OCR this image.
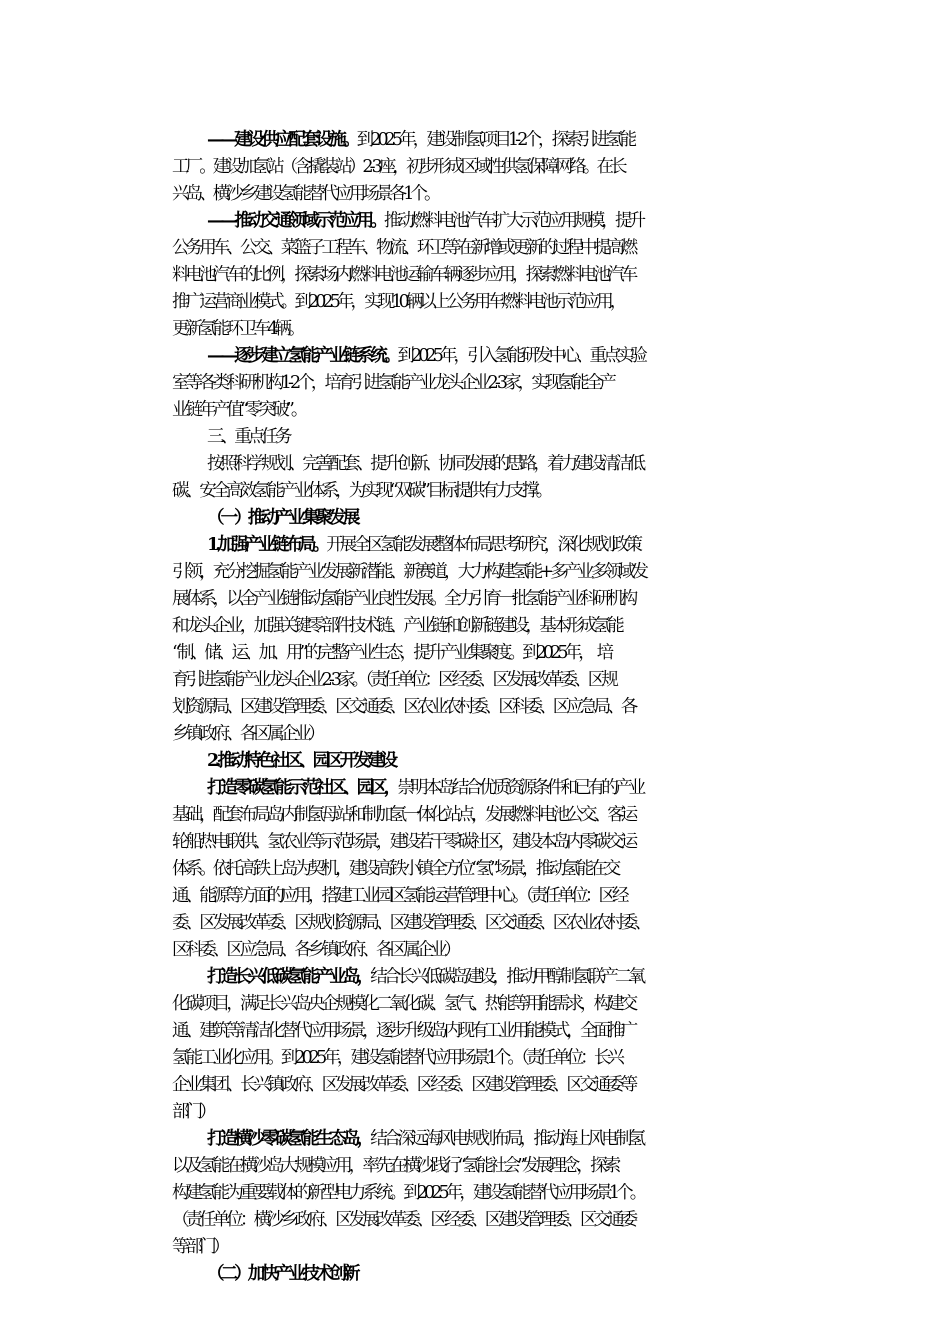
——建设供应配套设施。到2025年，建设制氢项目1-2个，探索引进氢能
工厂。建设加氢站（含撬装站）2-3座，初步形成区域性供氢保障网络。在长
兴岛、横沙乡建设氢能替代应用场景各1个。
——推动交通领域示范应用。推动燃料电池汽车扩大示范应用规模，提升
公务用车、公交、菜篮子工程车、物流、环卫等在新增或更新的过程中提高燃
料电池汽车的比例，探索场内燃料电池运输车辆逐步应用，探索燃料电池汽车
推广运营商业模式。到2025年，实现10辆以上公务用车燃料电池示范应用，
更新氢能环卫车4辆。
——逐步建立氢能产业链系统。到2025年，引入氢能研发中心、重点实验
室等各类科研机构1-2个，培育引进氢能产业龙头企业2-3家，实现氢能全产
业链年产值“零突破”。
三、重点任务
按照科学规划、完善配套、提升创新、协同发展的思路，着力建设清洁低
碳、安全高效氢能产业体系，为实现“双碳”目标提供有力支撑。
（一）推动产业集聚发展
1.加强产业链布局。开展全区氢能发展整体布局思考研究，深化规划政策
引领，充分挖掘氢能产业发展新潜能、新赛道，大力构建氢能+多产业多领域发
展体系，以全产业链推动氢能产业良性发展。全力引育一批氢能产业科研机构
和龙头企业，加强关键零部件技术链、产业链和创新链建设，基本形成氢能
“制、储、运、加、用”的完整产业生态，提升产业集聚度。到2025年，　培
育引进氢能产业龙头企业2-3家。（责任单位：区经委、区发展改革委、区规
划资源局、区建设管理委、区交通委、区农业农村委、区科委、区应急局、各
乡镇政府、各区属企业）
2.推动特色社区、园区开发建设
打造零碳氢能示范社区、园区，崇明本岛结合优质资源条件和已有的产业
基础，配套布局岛内制氢母站和制加氢一体化站点，发展燃料电池公交、客运
轮船热电联供、氢农业等示范场景，建设若干零碳社区，建设本岛内零碳交运
体系。依托高铁上岛为契机，建设高铁小镇全方位“氢”场景，推动氢能在交
通、能源等方面的应用，搭建工业园区氢能运营管理中心。（责任单位：区经
委、区发展改革委、区规划资源局、区建设管理委、区交通委、区农业农村委、
区科委、区应急局、各乡镇政府、各区属企业）
打造长兴低碳氢能产业岛，结合长兴低碳岛建设，推动甲醇制氢联产二氧
化碳项目，满足长兴岛央企规模化二氧化碳、氢气、热能等用能需求，构建交
通、建筑等清洁化替代应用场景，逐步升级岛内现有工业用能模式，全面推广
氢能工业化应用。到2025年，建设氢能替代应用场景1个。（责任单位：长兴
企业集团、长兴镇政府、区发展改革委、区经委、区建设管理委、区交通委等
部门）
打造横沙零碳氢能生态岛，结合深远海风电规划布局，推动海上风电制氢
以及氢能在横沙岛大规模应用，率先在横沙践行“氢能社会”发展理念，探索
构建氢能为重要载体的新型电力系统。到2025年，建设氢能替代应用场景1个。
（责任单位：横沙乡政府、区发展改革委、区经委、区建设管理委、区交通委
等部门）
（二）加快产业技术创新
